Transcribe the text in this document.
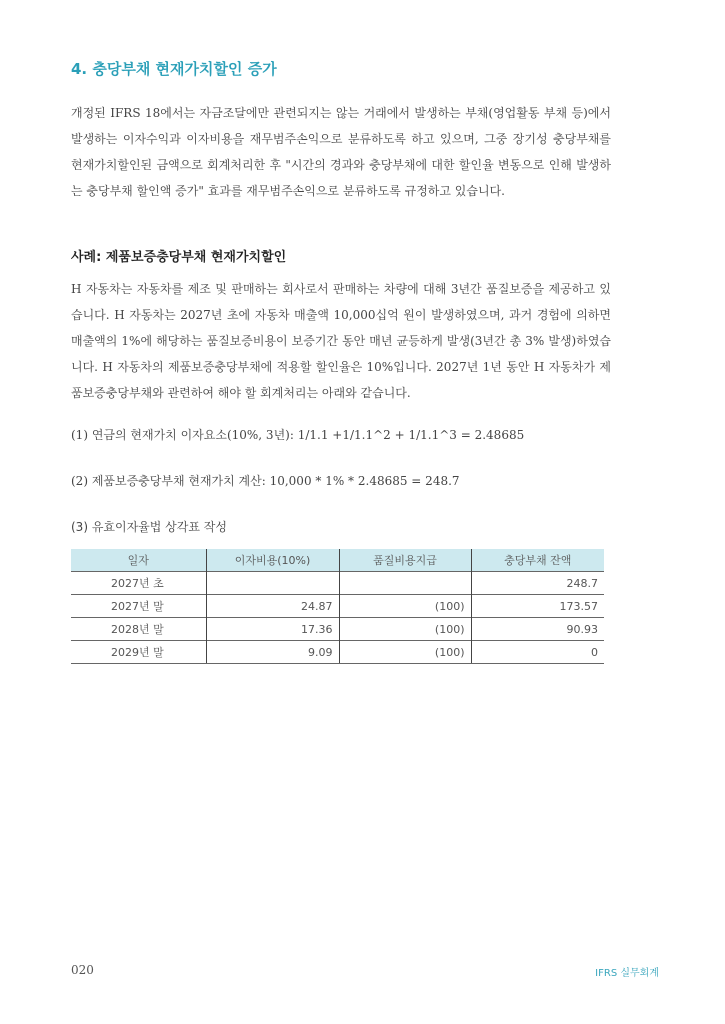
4. 충당부채 현재가치할인 증가

개정된 IFRS 18에서는 자금조달에만 관련되지는 않는 거래에서 발생하는 부채(영업활동 부채 등)에서 발생하는 이자수익과 이자비용을 재무범주손익으로 분류하도록 하고 있으며, 그중 장기성 충당부채를 현재가치할인된 금액으로 회계처리한 후 "시간의 경과와 충당부채에 대한 할인율 변동으로 인해 발생하는 충당부채 할인액 증가" 효과를 재무범주손익으로 분류하도록 규정하고 있습니다.

사례: 제품보증충당부채 현재가치할인

H 자동차는 자동차를 제조 및 판매하는 회사로서 판매하는 차량에 대해 3년간 품질보증을 제공하고 있습니다. H 자동차는 2027년 초에 자동차 매출액 10,000십억 원이 발생하였으며, 과거 경험에 의하면 매출액의 1%에 해당하는 품질보증비용이 보증기간 동안 매년 균등하게 발생(3년간 총 3% 발생)하였습니다. H 자동차의 제품보증충당부채에 적용할 할인율은 10%입니다. 2027년 1년 동안 H 자동차가 제품보증충당부채와 관련하여 해야 할 회계처리는 아래와 같습니다.

(1) 연금의 현재가치 이자요소(10%, 3년): 1/1.1 +1/1.1^2 + 1/1.1^3 = 2.48685
(2) 제품보증충당부채 현재가치 계산: 10,000 * 1% * 2.48685 = 248.7
(3) 유효이자율법 상각표 작성
일자	이자비용(10%)	품질비용지급	충당부채 잔액
2027년 초			248.7
2027년 말	24.87	(100)	173.57
2028년 말	17.36	(100)	90.93
2029년 말	9.09	(100)	0
020	IFRS 실무회계
